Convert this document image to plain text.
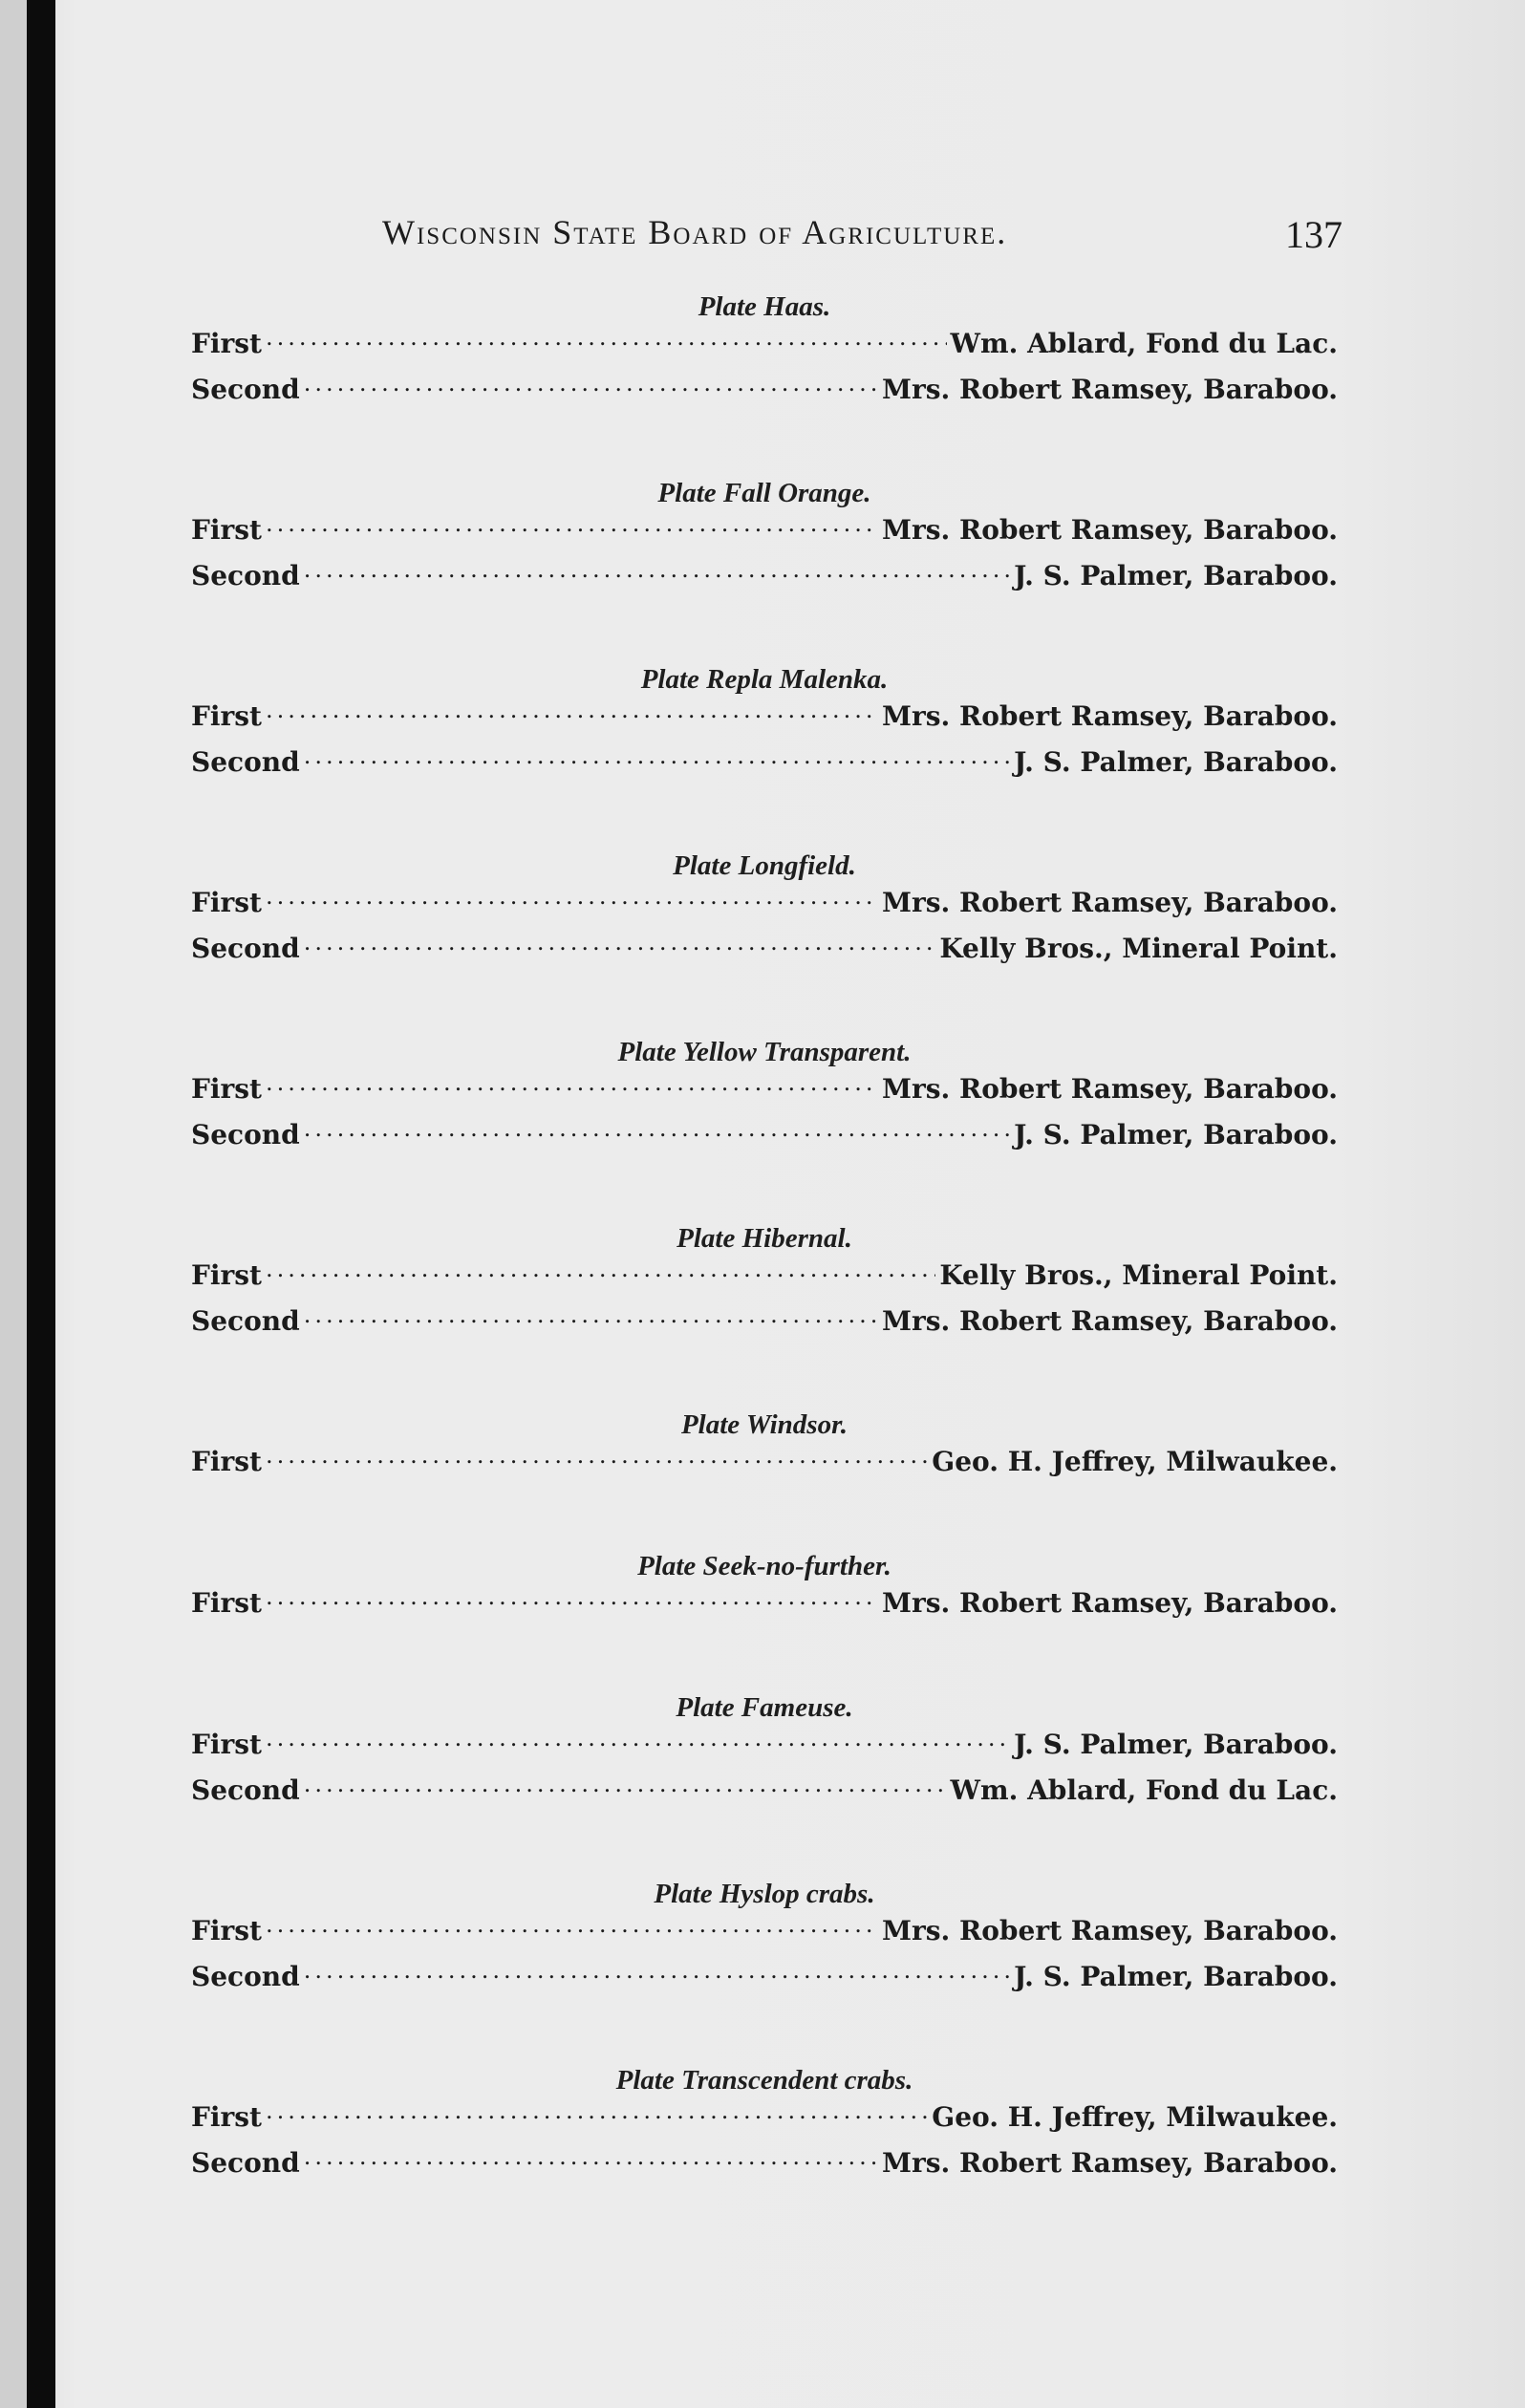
Wisconsin State Board of Agriculture.	137
Plate Haas.
First .....	Wm. Ablard, Fond du Lac.
Second .....	Mrs. Robert Ramsey, Baraboo.
Plate Fall Orange.
First .....	Mrs. Robert Ramsey, Baraboo.
Second .....	J. S. Palmer, Baraboo.
Plate Repla Malenka.
First .....	Mrs. Robert Ramsey, Baraboo.
Second .....	J. S. Palmer, Baraboo.
Plate Longfield.
First .....	Mrs. Robert Ramsey, Baraboo.
Second .....	Kelly Bros., Mineral Point.
Plate Yellow Transparent.
First .....	Mrs. Robert Ramsey, Baraboo.
Second .....	J. S. Palmer, Baraboo.
Plate Hibernal.
First .....	Kelly Bros., Mineral Point.
Second .....	Mrs. Robert Ramsey, Baraboo.
Plate Windsor.
First .....	Geo. H. Jeffrey, Milwaukee.
Plate Seek-no-further.
First .....	Mrs. Robert Ramsey, Baraboo.
Plate Fameuse.
First .....	J. S. Palmer, Baraboo.
Second .....	Wm. Ablard, Fond du Lac.
Plate Hyslop crabs.
First .....	Mrs. Robert Ramsey, Baraboo.
Second .....	J. S. Palmer, Baraboo.
Plate Transcendent crabs.
First .....	Geo. H. Jeffrey, Milwaukee.
Second .....	Mrs. Robert Ramsey, Baraboo.
